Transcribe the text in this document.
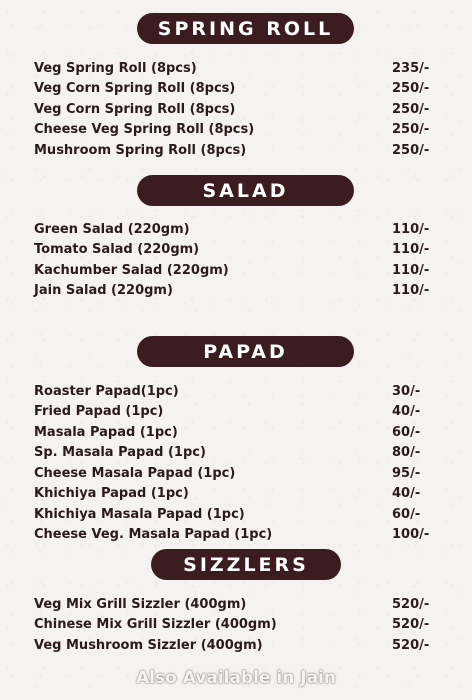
SPRING ROLL
Veg Spring Roll (8pcs)	235/-
Veg Corn Spring Roll (8pcs)	250/-
Veg Corn Spring Roll (8pcs)	250/-
Cheese Veg Spring Roll (8pcs)	250/-
Mushroom Spring Roll (8pcs)	250/-
SALAD
Green Salad (220gm)	110/-
Tomato Salad (220gm)	110/-
Kachumber Salad (220gm)	110/-
Jain Salad (220gm)	110/-
PAPAD
Roaster Papad(1pc)	30/-
Fried Papad (1pc)	40/-
Masala Papad (1pc)	60/-
Sp. Masala Papad (1pc)	80/-
Cheese Masala Papad (1pc)	95/-
Khichiya Papad (1pc)	40/-
Khichiya Masala Papad (1pc)	60/-
Cheese Veg. Masala Papad (1pc)	100/-
SIZZLERS
Veg Mix Grill Sizzler (400gm)	520/-
Chinese Mix Grill Sizzler (400gm)	520/-
Veg Mushroom Sizzler (400gm)	520/-
Also Available in Jain
